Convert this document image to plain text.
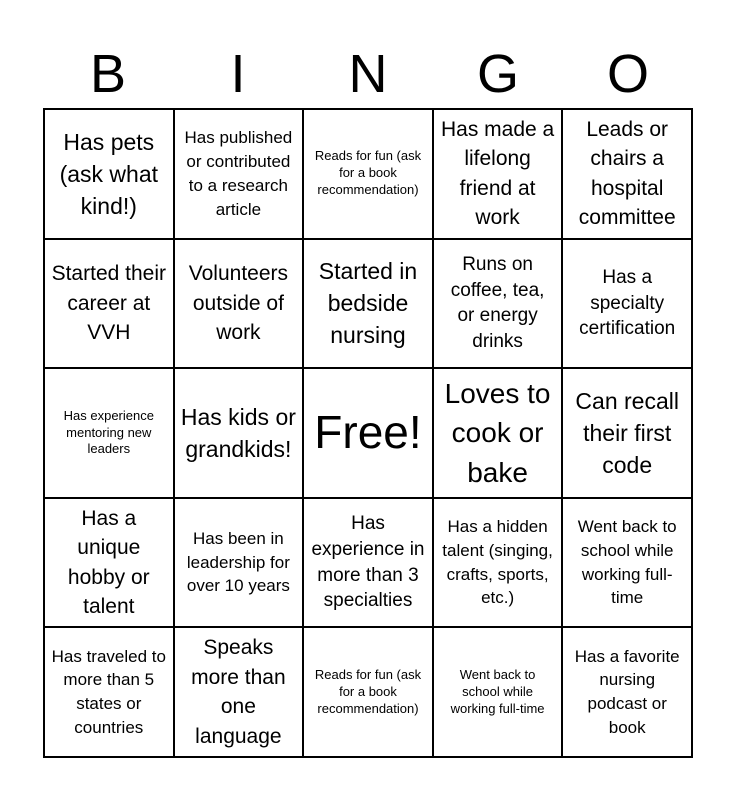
B	I	N	G	O
Has pets (ask what kind!)
Has published or contributed to a research article
Reads for fun (ask for a book recommendation)
Has made a lifelong friend at work
Leads or chairs a hospital committee
Started their career at VVH
Volunteers outside of work
Started in bedside nursing
Runs on coffee, tea, or energy drinks
Has a specialty certification
Has experience mentoring new leaders
Has kids or grandkids! Free!
Loves to cook or bake
Can recall their first code
Has a unique hobby or talent
Has been in leadership for over 10 years
Has experience in more than 3 specialties
Has a hidden talent (singing, crafts, sports, etc.)
Went back to school while working full-time
Has traveled to more than 5 states or countries
Speaks more than one language
Reads for fun (ask for a book recommendation)
Went back to school while working full-time
Has a favorite nursing podcast or book
